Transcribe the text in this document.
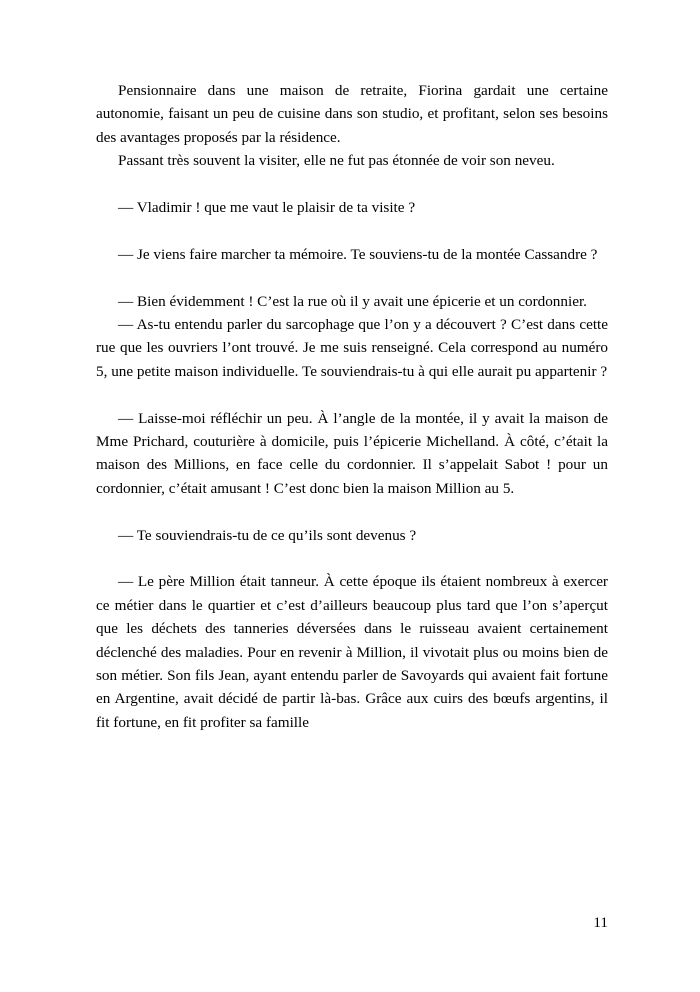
Pensionnaire dans une maison de retraite, Fiorina gardait une certaine autonomie, faisant un peu de cuisine dans son studio, et profitant, selon ses besoins des avantages proposés par la résidence.

Passant très souvent la visiter, elle ne fut pas étonnée de voir son neveu.

— Vladimir ! que me vaut le plaisir de ta visite ?

— Je viens faire marcher ta mémoire. Te souviens-tu de la montée Cassandre ?

— Bien évidemment ! C’est la rue où il y avait une épicerie et un cordonnier.

— As-tu entendu parler du sarcophage que l’on y a découvert ? C’est dans cette rue que les ouvriers l’ont trouvé. Je me suis renseigné. Cela correspond au numéro 5, une petite maison individuelle. Te souviendrais-tu à qui elle aurait pu appartenir ?

— Laisse-moi réfléchir un peu. À l’angle de la montée, il y avait la maison de Mme Prichard, couturière à domicile, puis l’épicerie Michelland. À côté, c’était la maison des Millions, en face celle du cordonnier. Il s’appelait Sabot ! pour un cordonnier, c’était amusant ! C’est donc bien la maison Million au 5.

— Te souviendrais-tu de ce qu’ils sont devenus ?

— Le père Million était tanneur. À cette époque ils étaient nombreux à exercer ce métier dans le quartier et c’est d’ailleurs beaucoup plus tard que l’on s’aperçut que les déchets des tanneries déversées dans le ruisseau avaient certainement déclenché des maladies. Pour en revenir à Million, il vivotait plus ou moins bien de son métier. Son fils Jean, ayant entendu parler de Savoyards qui avaient fait fortune en Argentine, avait décidé de partir là-bas. Grâce aux cuirs des bœufs argentins, il fit fortune, en fit profiter sa famille

11
